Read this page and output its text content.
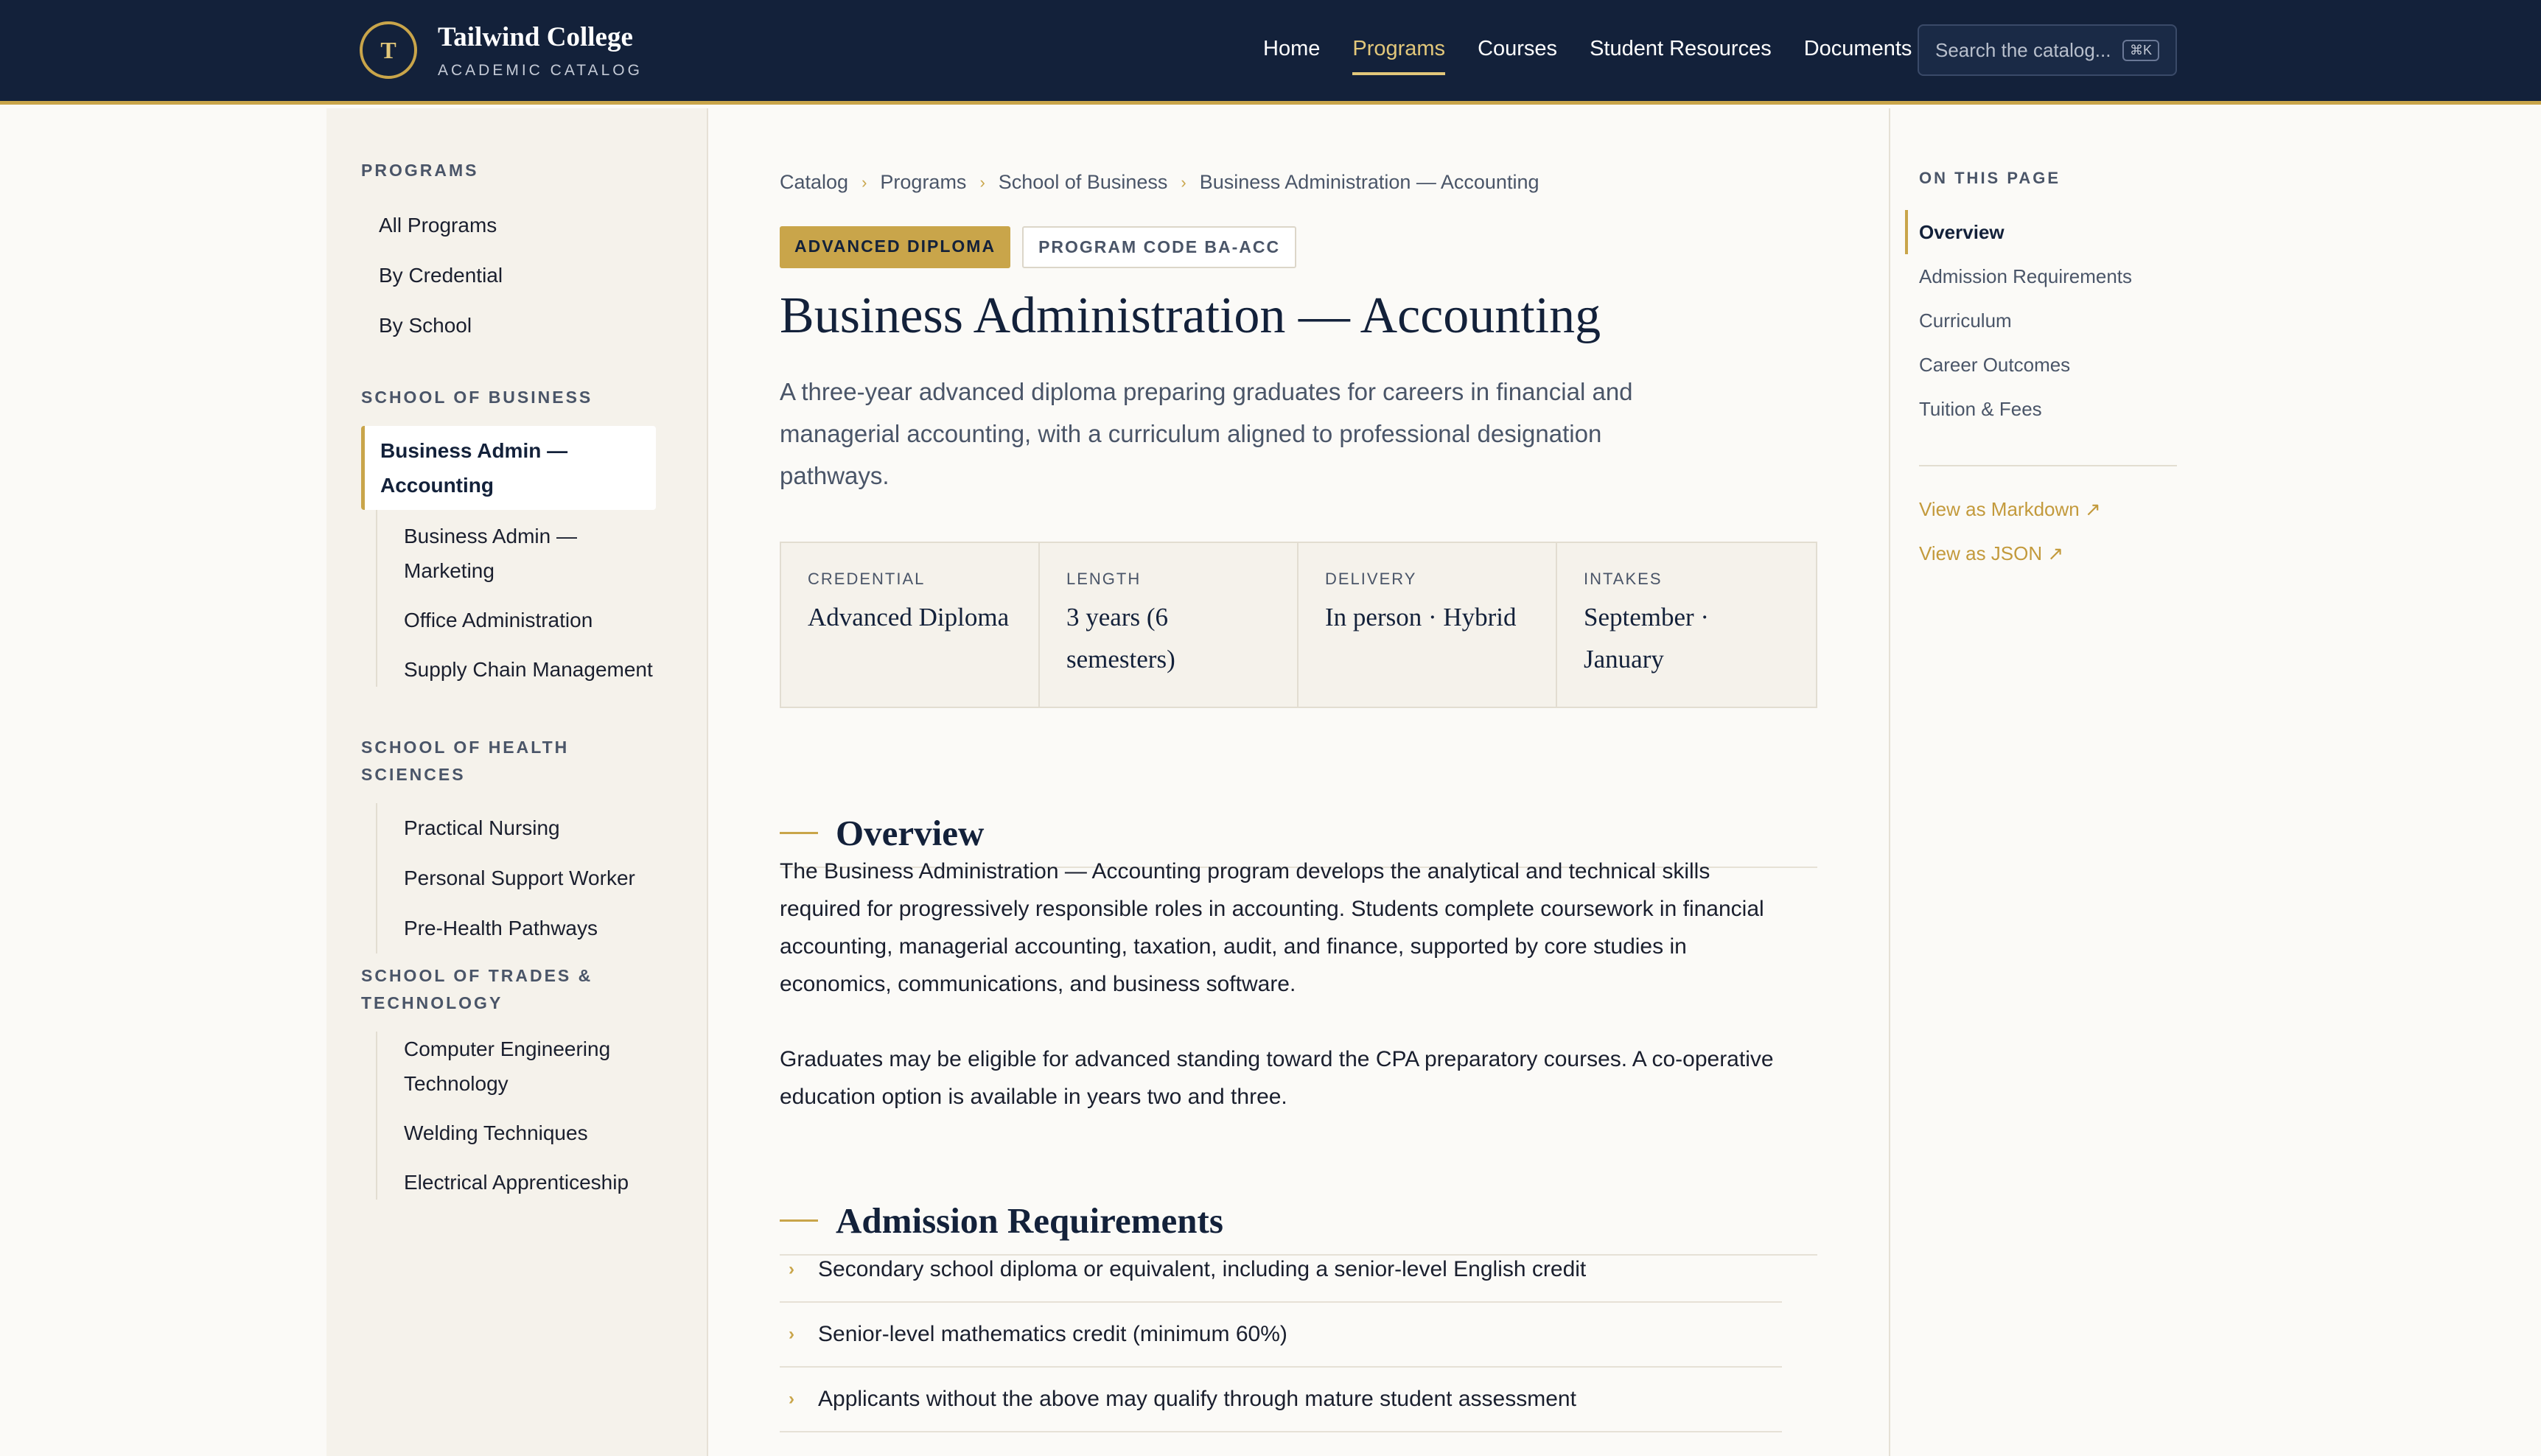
T	Tailwind College
ACADEMIC CATALOG
Home Programs Courses Student Resources Documents
Search the catalog...	⌘K
PROGRAMS
All Programs
By Credential
By School
SCHOOL OF BUSINESS
Business Admin — Accounting
Business Admin — Marketing
Office Administration
Supply Chain Management
SCHOOL OF HEALTH SCIENCES
Practical Nursing
Personal Support Worker
Pre-Health Pathways
SCHOOL OF TRADES & TECHNOLOGY
Computer Engineering Technology
Welding Techniques
Electrical Apprenticeship
Catalog › Programs › School of Business › Business Administration — Accounting
ADVANCED DIPLOMA	PROGRAM CODE BA-ACC
Business Administration — Accounting

A three-year advanced diploma preparing graduates for careers in financial and managerial accounting, with a curriculum aligned to professional designation pathways.

CREDENTIAL
Advanced Diploma
LENGTH
3 years (6 semesters)
DELIVERY
In person · Hybrid
INTAKES
September · January
Overview

The Business Administration — Accounting program develops the analytical and technical skills required for progressively responsible roles in accounting. Students complete coursework in financial accounting, managerial accounting, taxation, audit, and finance, supported by core studies in economics, communications, and business software.

Graduates may be eligible for advanced standing toward the CPA preparatory courses. A co-operative education option is available in years two and three.

Admission Requirements
›	Secondary school diploma or equivalent, including a senior-level English credit
›	Senior-level mathematics credit (minimum 60%)
›	Applicants without the above may qualify through mature student assessment
ON THIS PAGE
Overview
Admission Requirements
Curriculum
Career Outcomes
Tuition & Fees
View as Markdown ↗
View as JSON ↗
